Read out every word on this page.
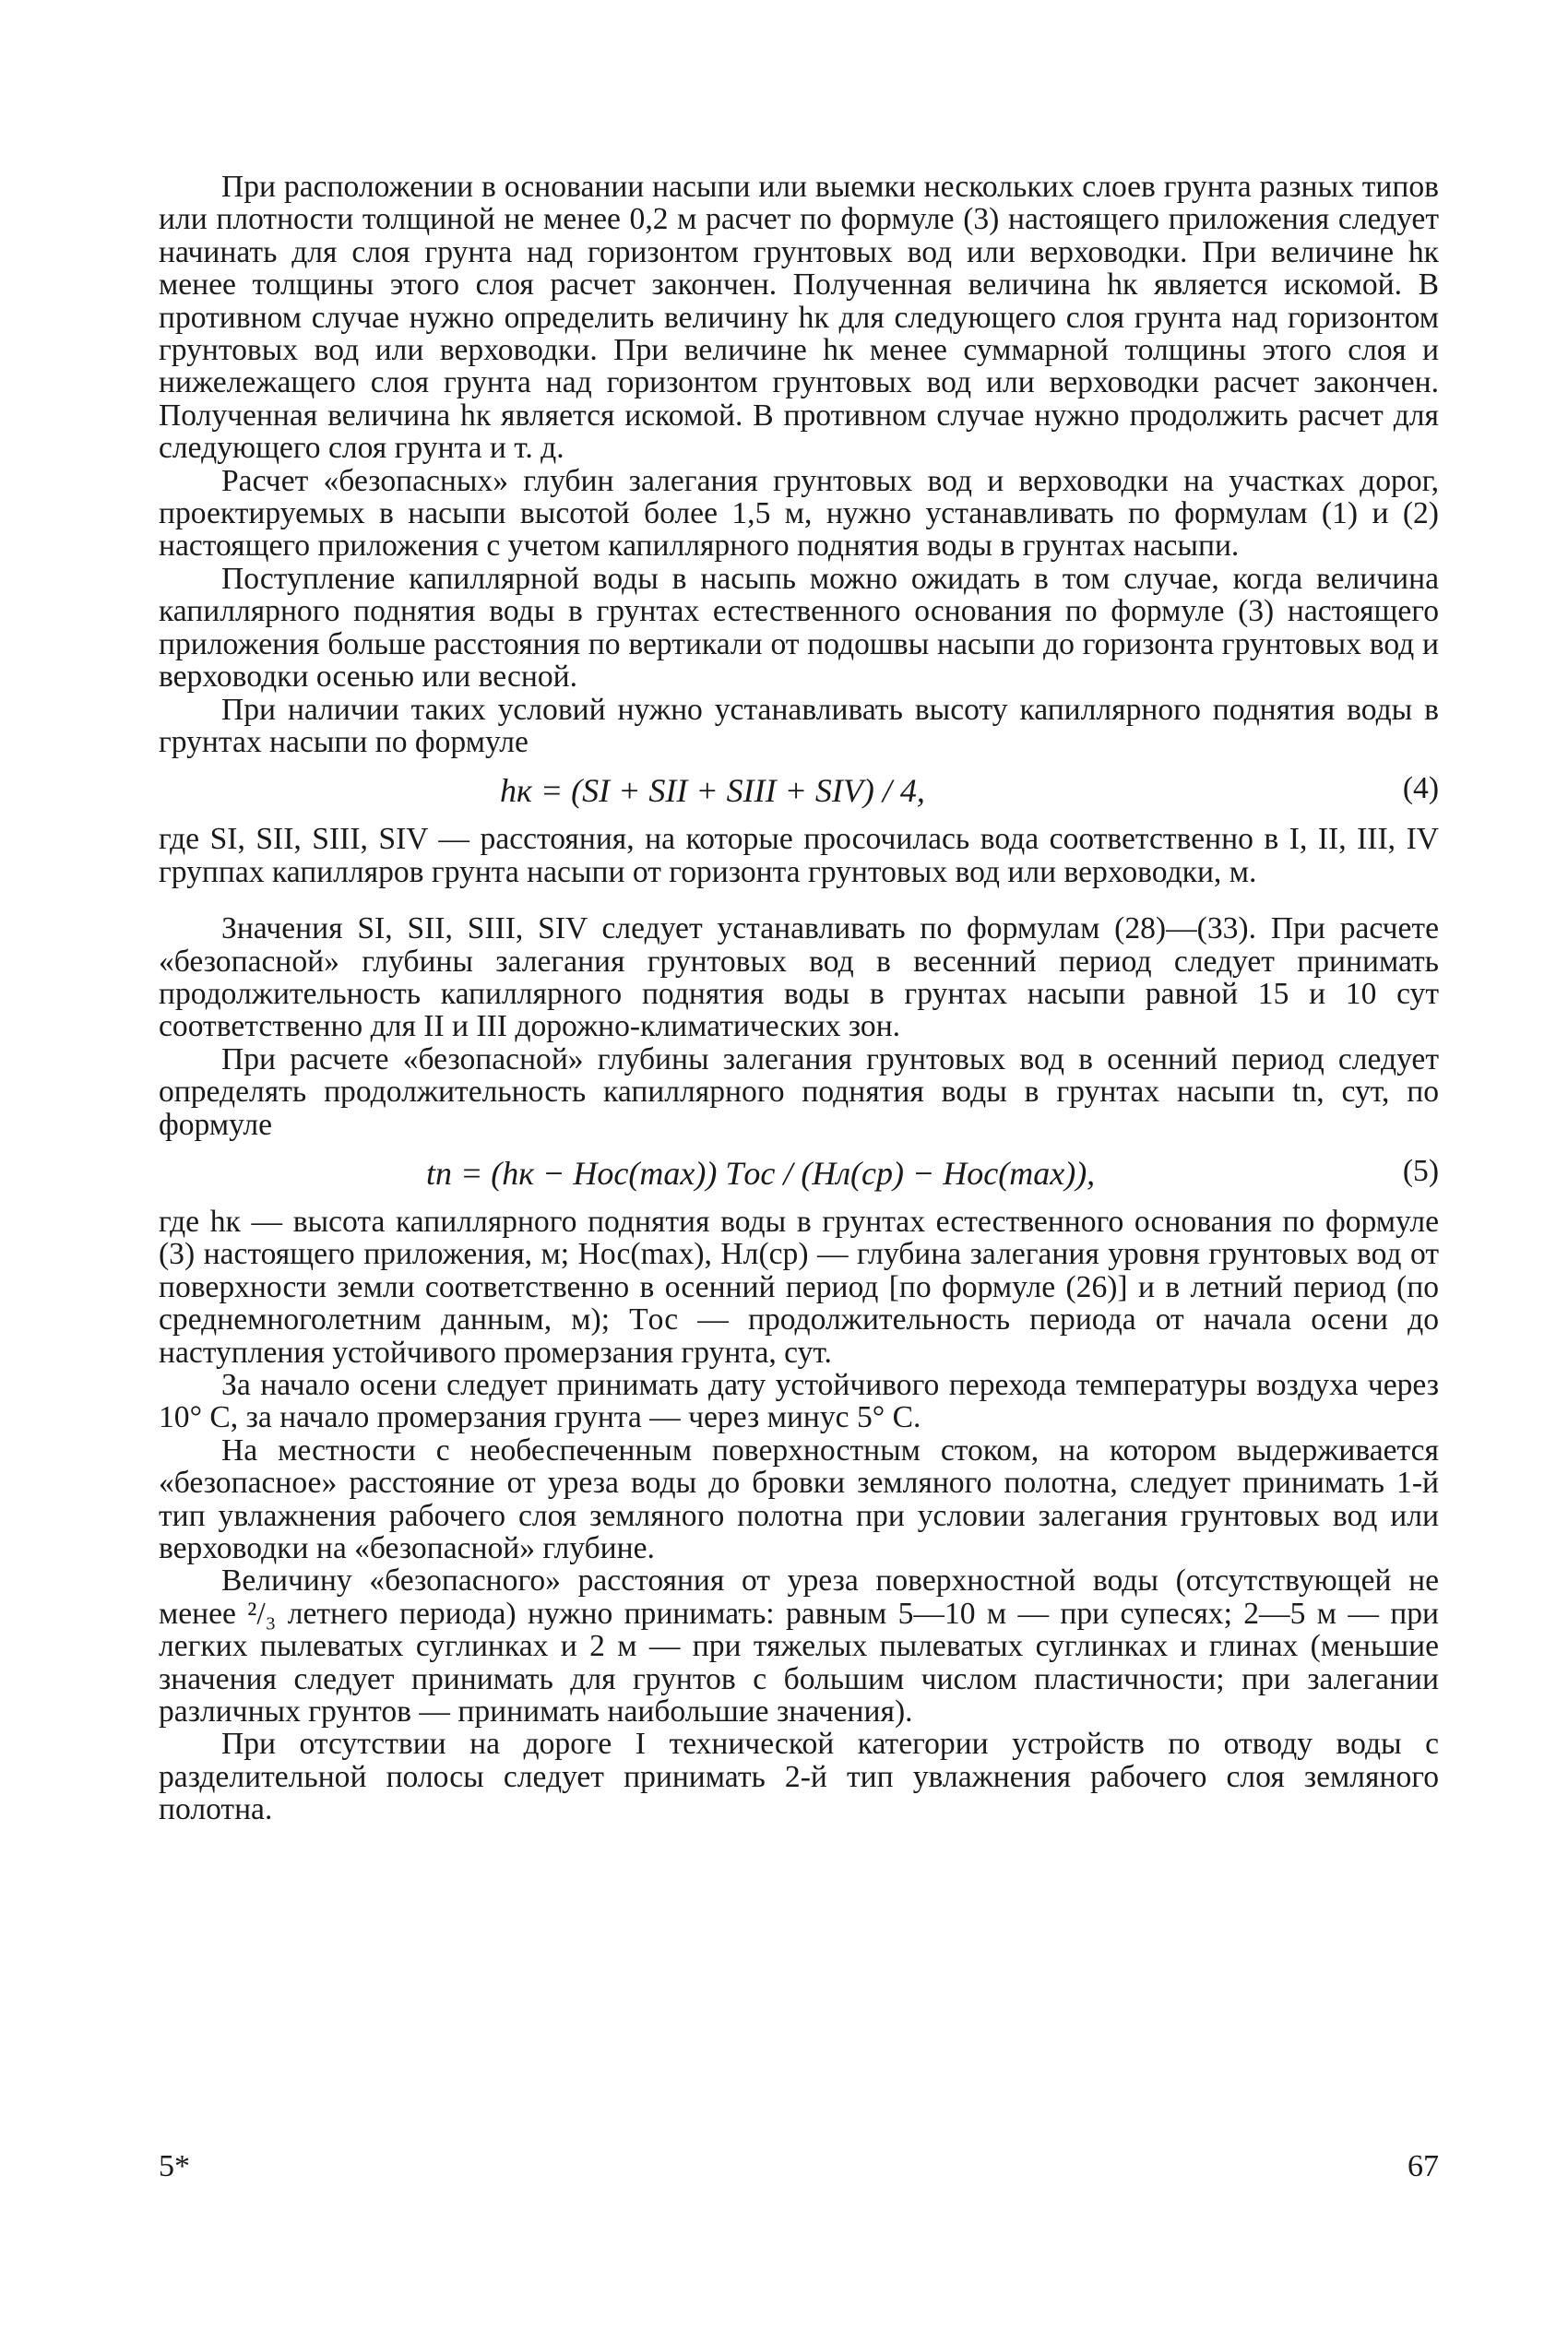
При расположении в основании насыпи или выемки нескольких слоев грунта разных типов или плотности толщиной не менее 0,2 м расчет по формуле (3) настоящего приложения следует начинать для слоя грунта над горизонтом грунтовых вод или верховодки. При величине hк менее толщины этого слоя расчет закончен. Полученная величина hк является искомой. В противном случае нужно определить величину hк для следующего слоя грунта над горизонтом грунтовых вод или верховодки. При величине hк менее суммарной толщины этого слоя и нижележащего слоя грунта над горизонтом грунтовых вод или верховодки расчет закончен. Полученная величина hк является искомой. В противном случае нужно продолжить расчет для следующего слоя грунта и т. д.

Расчет «безопасных» глубин залегания грунтовых вод и верховодки на участках дорог, проектируемых в насыпи высотой более 1,5 м, нужно устанавливать по формулам (1) и (2) настоящего приложения с учетом капиллярного поднятия воды в грунтах насыпи.

Поступление капиллярной воды в насыпь можно ожидать в том случае, когда величина капиллярного поднятия воды в грунтах естественного основания по формуле (3) настоящего приложения больше расстояния по вертикали от подошвы насыпи до горизонта грунтовых вод и верховодки осенью или весной.

При наличии таких условий нужно устанавливать высоту капиллярного поднятия воды в грунтах насыпи по формуле

hк = (SI + SII + SIII + SIV) / 4,	(4)

где SI, SII, SIII, SIV — расстояния, на которые просочилась вода соответственно в I, II, III, IV группах капилляров грунта насыпи от горизонта грунтовых вод или верховодки, м.

Значения SI, SII, SIII, SIV следует устанавливать по формулам (28)—(33). При расчете «безопасной» глубины залегания грунтовых вод в весенний период следует принимать продолжительность капиллярного поднятия воды в грунтах насыпи равной 15 и 10 сут соответственно для II и III дорожно-климатических зон.

При расчете «безопасной» глубины залегания грунтовых вод в осенний период следует определять продолжительность капиллярного поднятия воды в грунтах насыпи tn, сут, по формуле

tn = (hк − Hос(max)) Tос / (Hл(ср) − Hос(max)),	(5)

где hк — высота капиллярного поднятия воды в грунтах естественного основания по формуле (3) настоящего приложения, м; Hос(max), Hл(ср) — глубина залегания уровня грунтовых вод от поверхности земли соответственно в осенний период [по формуле (26)] и в летний период (по среднемноголетним данным, м); Tос — продолжительность периода от начала осени до наступления устойчивого промерзания грунта, сут.

За начало осени следует принимать дату устойчивого перехода температуры воздуха через 10° С, за начало промерзания грунта — через минус 5° С.

На местности с необеспеченным поверхностным стоком, на котором выдерживается «безопасное» расстояние от уреза воды до бровки земляного полотна, следует принимать 1-й тип увлажнения рабочего слоя земляного полотна при условии залегания грунтовых вод или верховодки на «безопасной» глубине.

Величину «безопасного» расстояния от уреза поверхностной воды (отсутствующей не менее ²/₃ летнего периода) нужно принимать: равным 5—10 м — при супесях; 2—5 м — при легких пылеватых суглинках и 2 м — при тяжелых пылеватых суглинках и глинах (меньшие значения следует принимать для грунтов с большим числом пластичности; при залегании различных грунтов — принимать наибольшие значения).

При отсутствии на дороге I технической категории устройств по отводу воды с разделительной полосы следует принимать 2-й тип увлажнения рабочего слоя земляного полотна.

5*	67
